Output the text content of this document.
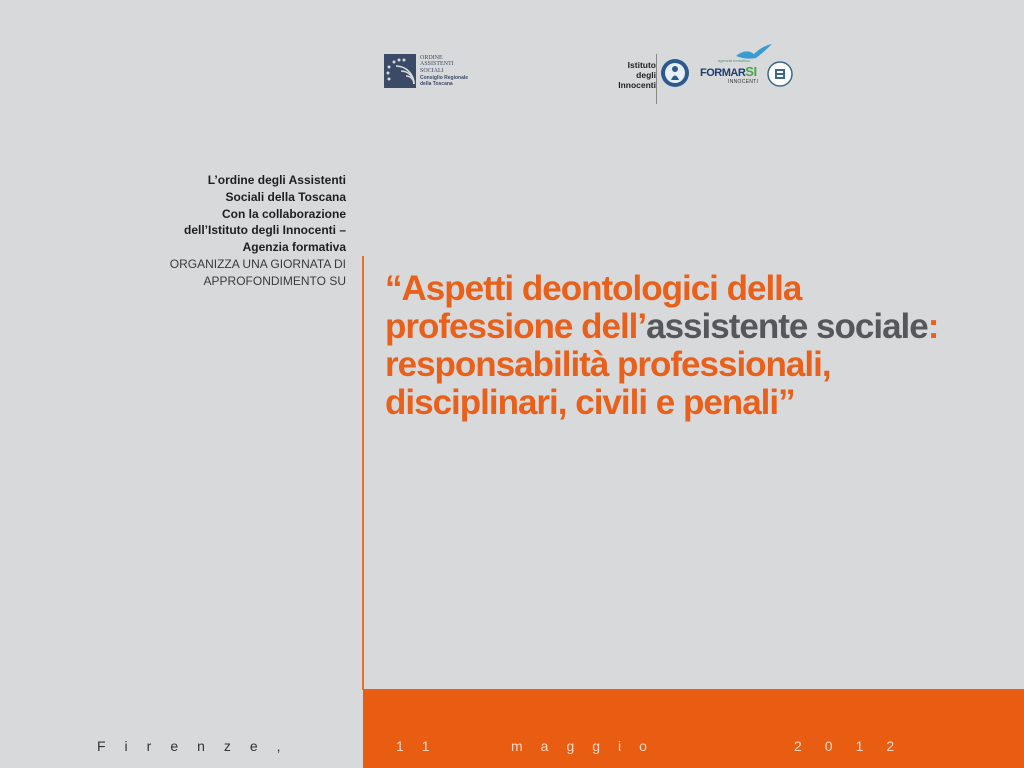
ORDINE
ASSISTENTI
SOCIALI
Consiglio Regionale
della Toscana
Istituto
degli
Innocenti
agenzia formativa
FORMARSI
INNOCENTI
L’ordine degli Assistenti
Sociali della Toscana
Con la collaborazione
dell’Istituto degli Innocenti –
Agenzia formativa
ORGANIZZA UNA GIORNATA DI
APPROFONDIMENTO SU “Aspetti deontologici della professione dell’assistente sociale: responsabilità professionali, disciplinari, civili e penali”
Firenze,	11	maggio	2012
